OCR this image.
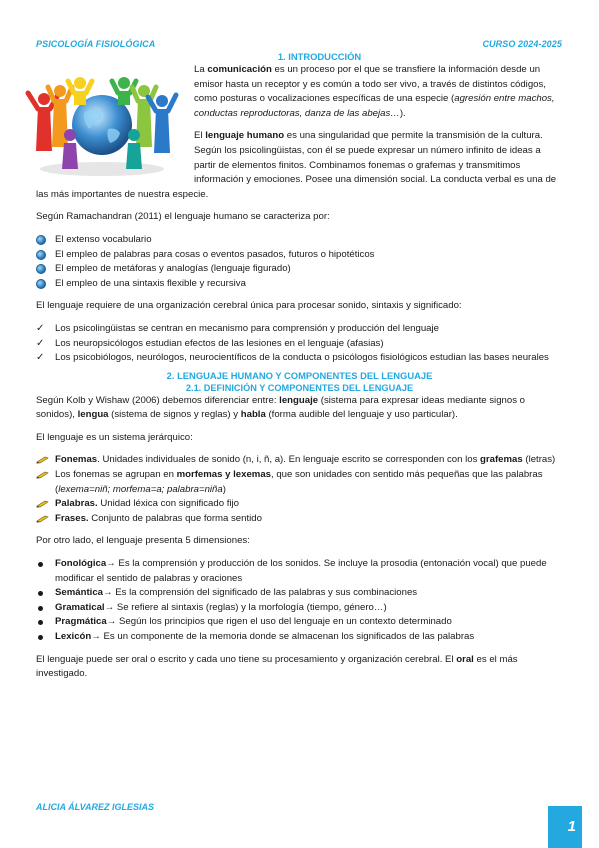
PSICOLOGÍA FISIOLÓGICA	CURSO 2024-2025
1. INTRODUCCIÓN

La comunicación es un proceso por el que se transfiere la información desde un emisor hasta un receptor y es común a todo ser vivo, a través de distintos códigos, como posturas o vocalizaciones específicas de una especie (agresión entre machos, conductas reproductoras, danza de las abejas…).

El lenguaje humano es una singularidad que permite la transmisión de la cultura. Según los psicolingüistas, con él se puede expresar un número infinito de ideas a partir de elementos finitos. Combinamos fonemas o grafemas y transmitimos información y emociones. Posee una dimensión social. La conducta verbal es una de las más importantes de nuestra especie.

Según Ramachandran (2011) el lenguaje humano se caracteriza por:

El extenso vocabulario
El empleo de palabras para cosas o eventos pasados, futuros o hipotéticos
El empleo de metáforas y analogías (lenguaje figurado)
El empleo de una sintaxis flexible y recursiva

El lenguaje requiere de una organización cerebral única para procesar sonido, sintaxis y significado:

✓	Los psicolingüistas se centran en mecanismo para comprensión y producción del lenguaje
✓	Los neuropsicólogos estudian efectos de las lesiones en el lenguaje (afasias)
✓	Los psicobiólogos, neurólogos, neurocientíficos de la conducta o psicólogos fisiológicos estudian las bases neurales
2. LENGUAJE HUMANO Y COMPONENTES DEL LENGUAJE
2.1. DEFINICIÓN Y COMPONENTES DEL LENGUAJE

Según Kolb y Wishaw (2006) debemos diferenciar entre: lenguaje (sistema para expresar ideas mediante signos o sonidos), lengua (sistema de signos y reglas) y habla (forma audible del lenguaje y uso particular).

El lenguaje es un sistema jerárquico:

Fonemas. Unidades individuales de sonido (n, i, ñ, a). En lenguaje escrito se corresponden con los grafemas (letras)
Los fonemas se agrupan en morfemas y lexemas, que son unidades con sentido más pequeñas que las palabras (lexema=niñ; morfema=a; palabra=niña)
Palabras. Unidad léxica con significado fijo
Frases. Conjunto de palabras que forma sentido

Por otro lado, el lenguaje presenta 5 dimensiones:

Fonológica→ Es la comprensión y producción de los sonidos. Se incluye la prosodia (entonación vocal) que puede modificar el sentido de palabras y oraciones
Semántica→ Es la comprensión del significado de las palabras y sus combinaciones
Gramatical→ Se refiere al sintaxis (reglas) y la morfología (tiempo, género…)
Pragmática→ Según los principios que rigen el uso del lenguaje en un contexto determinado
Lexicón→ Es un componente de la memoria donde se almacenan los significados de las palabras

El lenguaje puede ser oral o escrito y cada uno tiene su procesamiento y organización cerebral. El oral es el más investigado.

ALICIA ÁLVAREZ IGLESIAS
1
